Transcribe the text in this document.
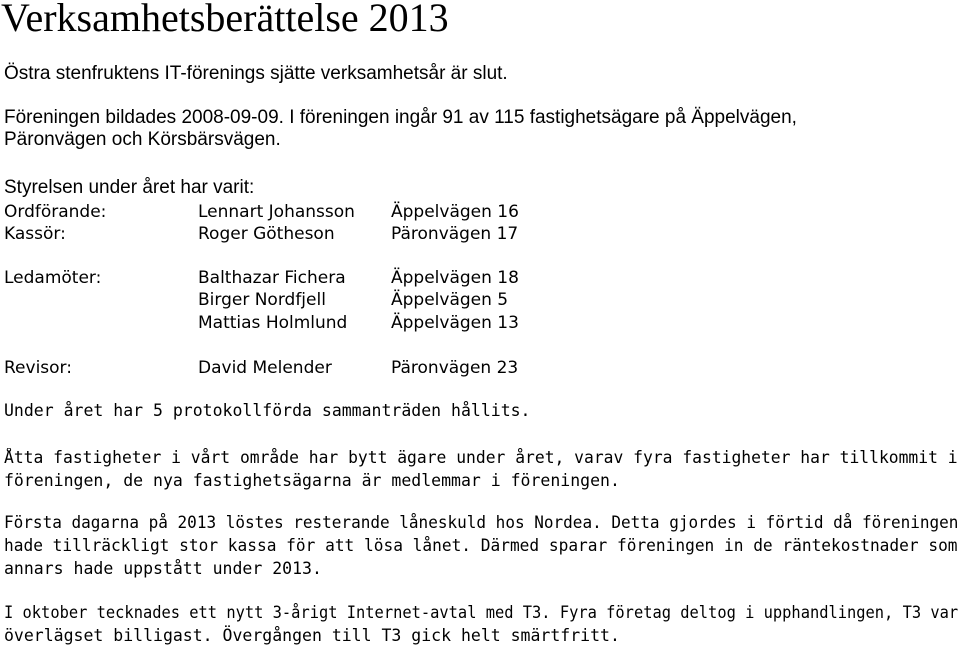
Verksamhetsberättelse 2013

Östra stenfruktens IT-förenings sjätte verksamhetsår är slut.

Föreningen bildades 2008-09-09. I föreningen ingår 91 av 115 fastighetsägare på Äppelvägen,

Päronvägen och Körsbärsvägen.

Styrelsen under året har varit:

Ordförande:	Lennart Johansson Äppelvägen 16
Kassör:	Roger Götheson	Päronvägen 17
Ledamöter:	Balthazar Fichera	Äppelvägen 18
Birger Nordfjell	Äppelvägen 5
Mattias Holmlund	Äppelvägen 13
Revisor:	David Melender	Päronvägen 23

Under året har 5 protokollförda sammanträden hållits.

Åtta fastigheter i vårt område har bytt ägare under året, varav fyra fastigheter har tillkommit i

föreningen, de nya fastighetsägarna är medlemmar i föreningen.

Första dagarna på 2013 löstes resterande låneskuld hos Nordea. Detta gjordes i förtid då föreningen

hade tillräckligt stor kassa för att lösa lånet. Därmed sparar föreningen in de räntekostnader som

annars hade uppstått under 2013.

I oktober tecknades ett nytt 3-årigt Internet-avtal med T3. Fyra företag deltog i upphandlingen, T3 var

överlägset billigast. Övergången till T3 gick helt smärtfritt.
